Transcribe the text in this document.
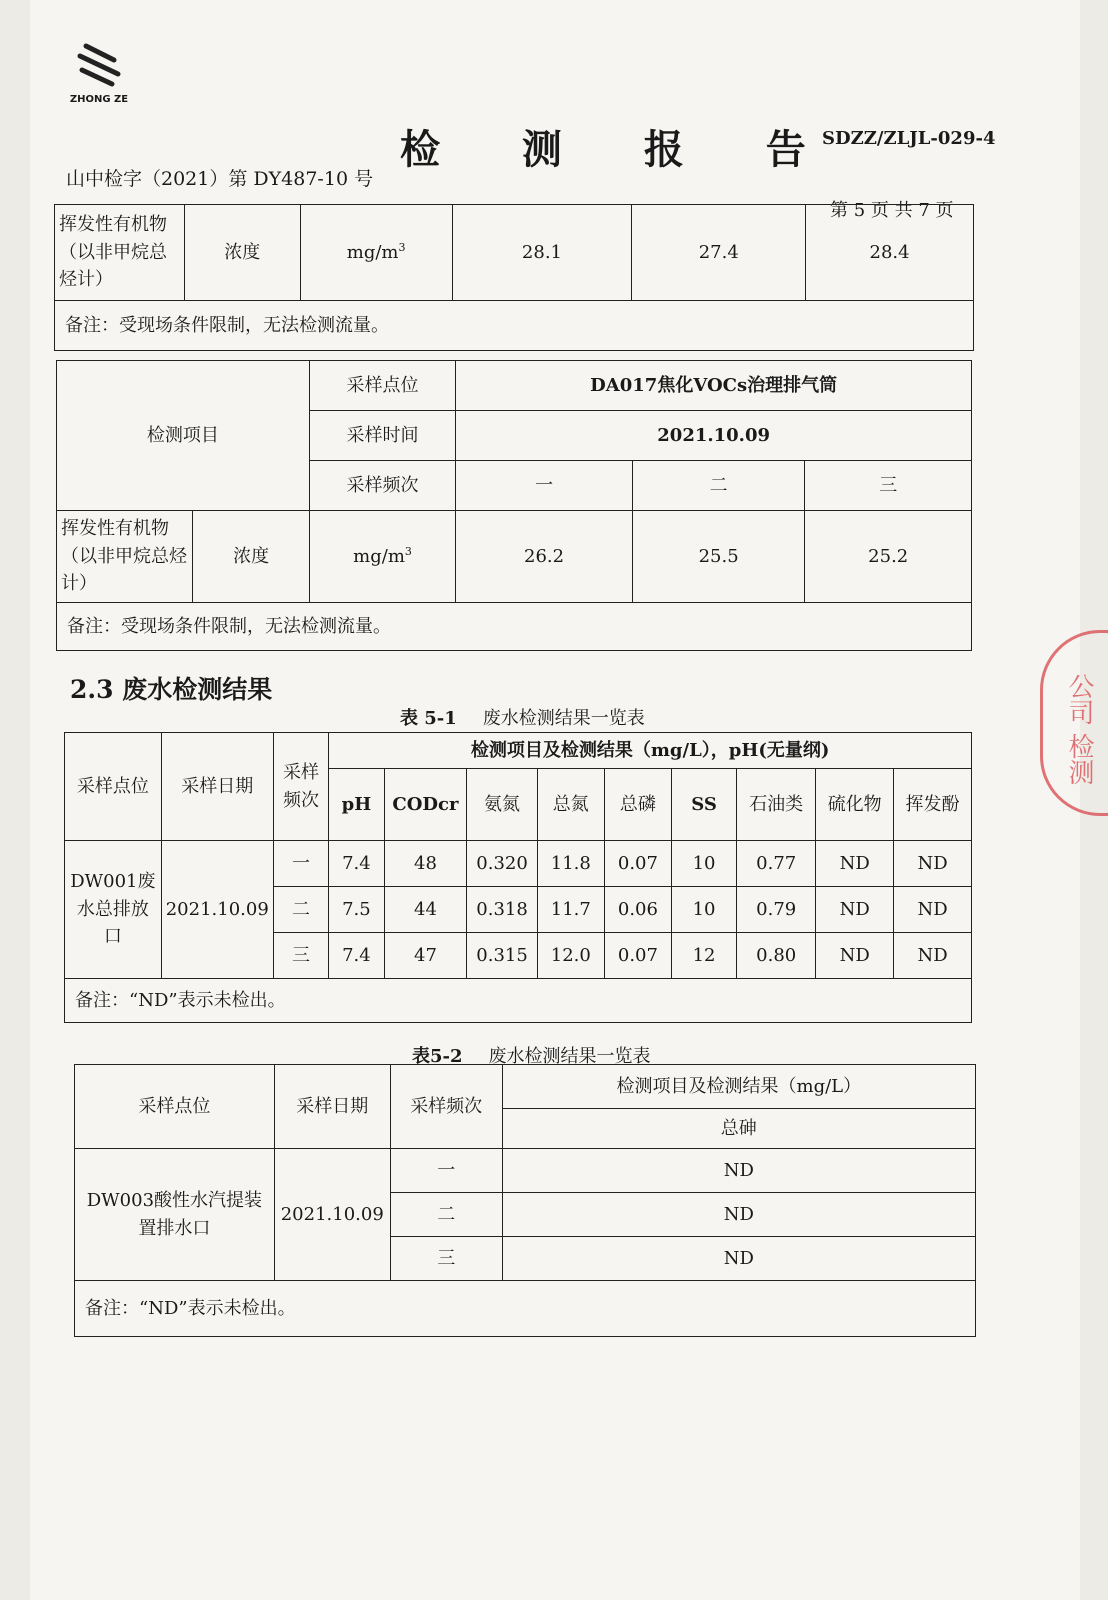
ZHONG ZE
检 测 报 告
SDZZ/ZLJL-029-4
山中检字（2021）第 DY487-10 号
第 5 页 共 7 页
挥发性有机物（以非甲烷总烃计）	浓度	$mg/m^3$	28.1	27.4	28.4
备注：受现场条件限制，无法检测流量。
检测项目		采样点位	DA017焦化VOCs治理排气筒		
		采样时间	2021.10.09		
		采样频次	一	二	三
挥发性有机物（以非甲烷总烃计）	浓度	$mg/m^3$	26.2	25.5	25.2
备注：受现场条件限制，无法检测流量。					
2.3 废水检测结果
表 5-1 废水检测结果一览表
采样点位	采样日期	采样频次	检测项目及检测结果（mg/L），pH(无量纲)								
			pH	CODcr	氨氮	总氮	总磷	SS	石油类	硫化物	挥发酚
DW001废水总排放口	2021.10.09	一	7.4	48	0.320	11.8	0.07	10	0.77	ND	ND
		二	7.5	44	0.318	11.7	0.06	10	0.79	ND	ND
		三	7.4	47	0.315	12.0	0.07	12	0.80	ND	ND
备注：“ND”表示未检出。											
表5-2 废水检测结果一览表
采样点位	采样日期	采样频次	检测项目及检测结果（mg/L）
			总砷
DW003酸性水汽提装置排水口	2021.10.09	一	ND
		二	ND
		三	ND
备注：“ND”表示未检出。			
公司 检测
